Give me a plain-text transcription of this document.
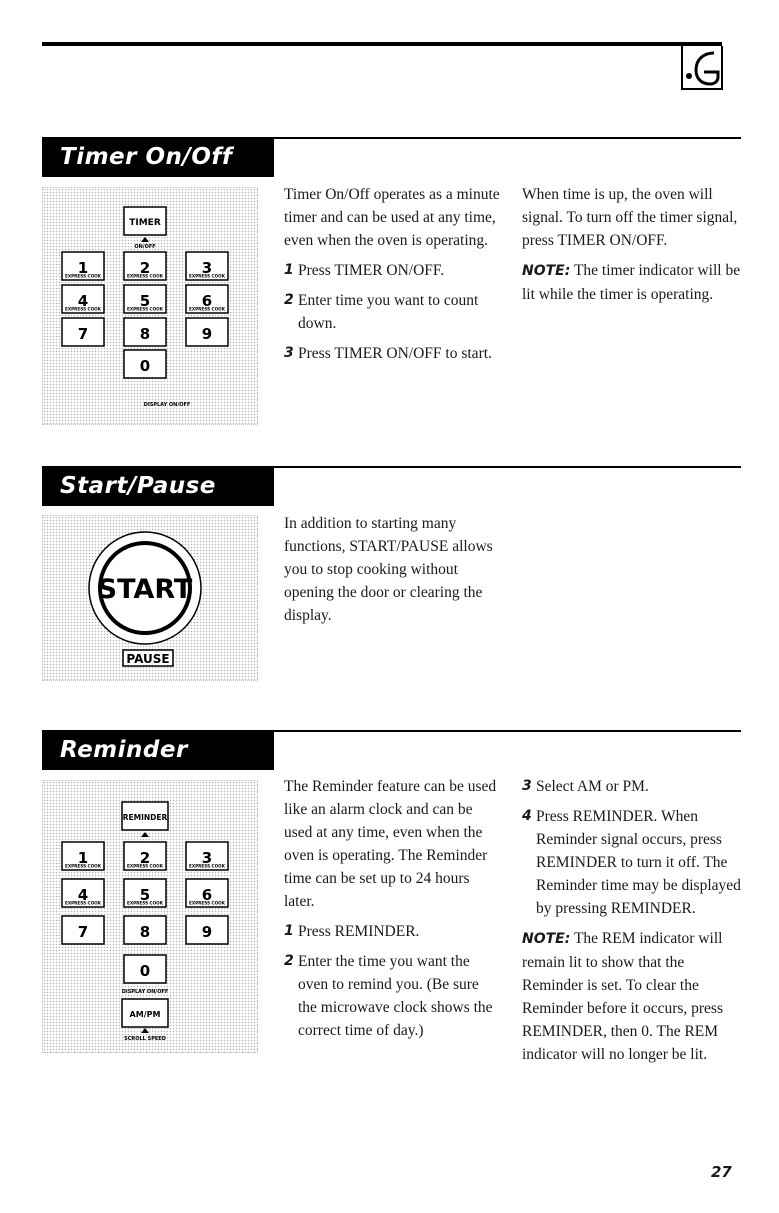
Timer On/Off
TIMER
ON/OFF
1
EXPRESS COOK	2
EXPRESS COOK	3
EXPRESS COOK
4
EXPRESS COOK	5
EXPRESS COOK	6
EXPRESS COOK
7	8	9
0
DISPLAY ON/OFF

Timer On/Off operates as a minute timer and can be used at any time, even when the oven is operating.

1 Press TIMER ON/OFF.
2 Enter time you want to count down.
3 Press TIMER ON/OFF to start.

When time is up, the oven will signal. To turn off the timer signal, press TIMER ON/OFF.

NOTE: The timer indicator will be lit while the timer is operating.

Start/Pause
START
PAUSE

In addition to starting many functions, START/PAUSE allows you to stop cooking without opening the door or clearing the display.

Reminder
REMINDER
1
EXPRESS COOK	2
EXPRESS COOK	3
EXPRESS COOK
4
EXPRESS COOK	5
EXPRESS COOK	6
EXPRESS COOK
7	8	9
0
DISPLAY ON/OFF
AM/PM
SCROLL SPEED

The Reminder feature can be used like an alarm clock and can be used at any time, even when the oven is operating. The Reminder time can be set up to 24 hours later.

1 Press REMINDER.
2 Enter the time you want the oven to remind you. (Be sure the microwave clock shows the correct time of day.)
3 Select AM or PM.
4 Press REMINDER. When Reminder signal occurs, press REMINDER to turn it off. The Reminder time may be displayed by pressing REMINDER.

NOTE: The REM indicator will remain lit to show that the Reminder is set. To clear the Reminder before it occurs, press REMINDER, then 0. The REM indicator will no longer be lit.

27
